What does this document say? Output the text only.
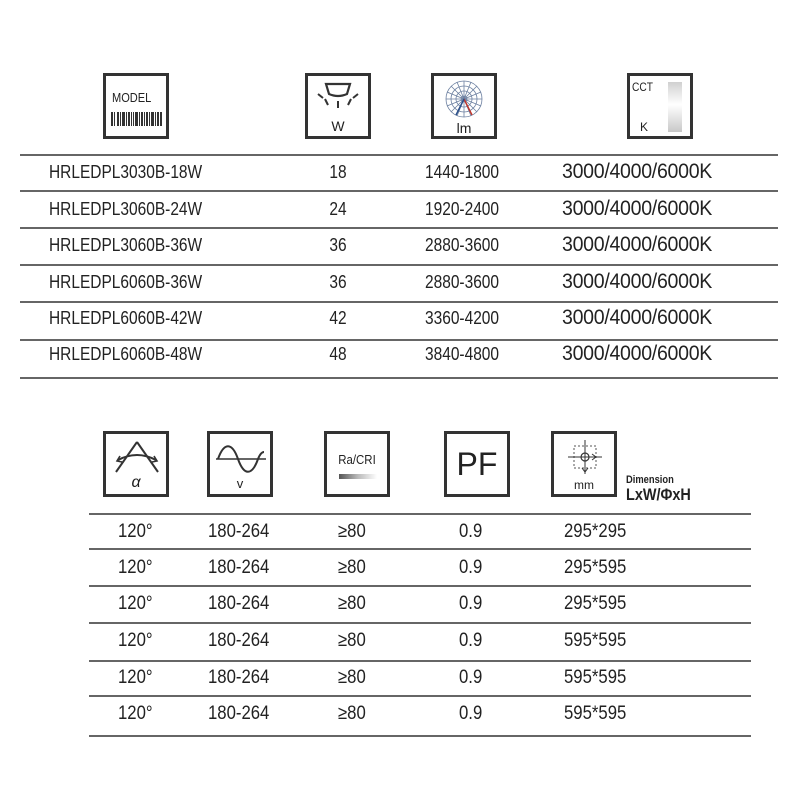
MODEL
W	lm
CCT
K
HRLEDPL3030B-18W	18	1440-1800	3000/4000/6000K
HRLEDPL3060B-24W	24	1920-2400	3000/4000/6000K
HRLEDPL3060B-36W	36	2880-3600	3000/4000/6000K
HRLEDPL6060B-36W	36	2880-3600	3000/4000/6000K
HRLEDPL6060B-42W	42	3360-4200	3000/4000/6000K
HRLEDPL6060B-48W	48	3840-4800	3000/4000/6000K
α	v
Ra/CRI	PF
mm	Dimension
LxW/ΦxH
120°	180-264	≥80	0.9	295*295
120°	180-264	≥80	0.9	295*595
120°	180-264	≥80	0.9	295*595
120°	180-264	≥80	0.9	595*595
120°	180-264	≥80	0.9	595*595
120°	180-264	≥80	0.9	595*595
